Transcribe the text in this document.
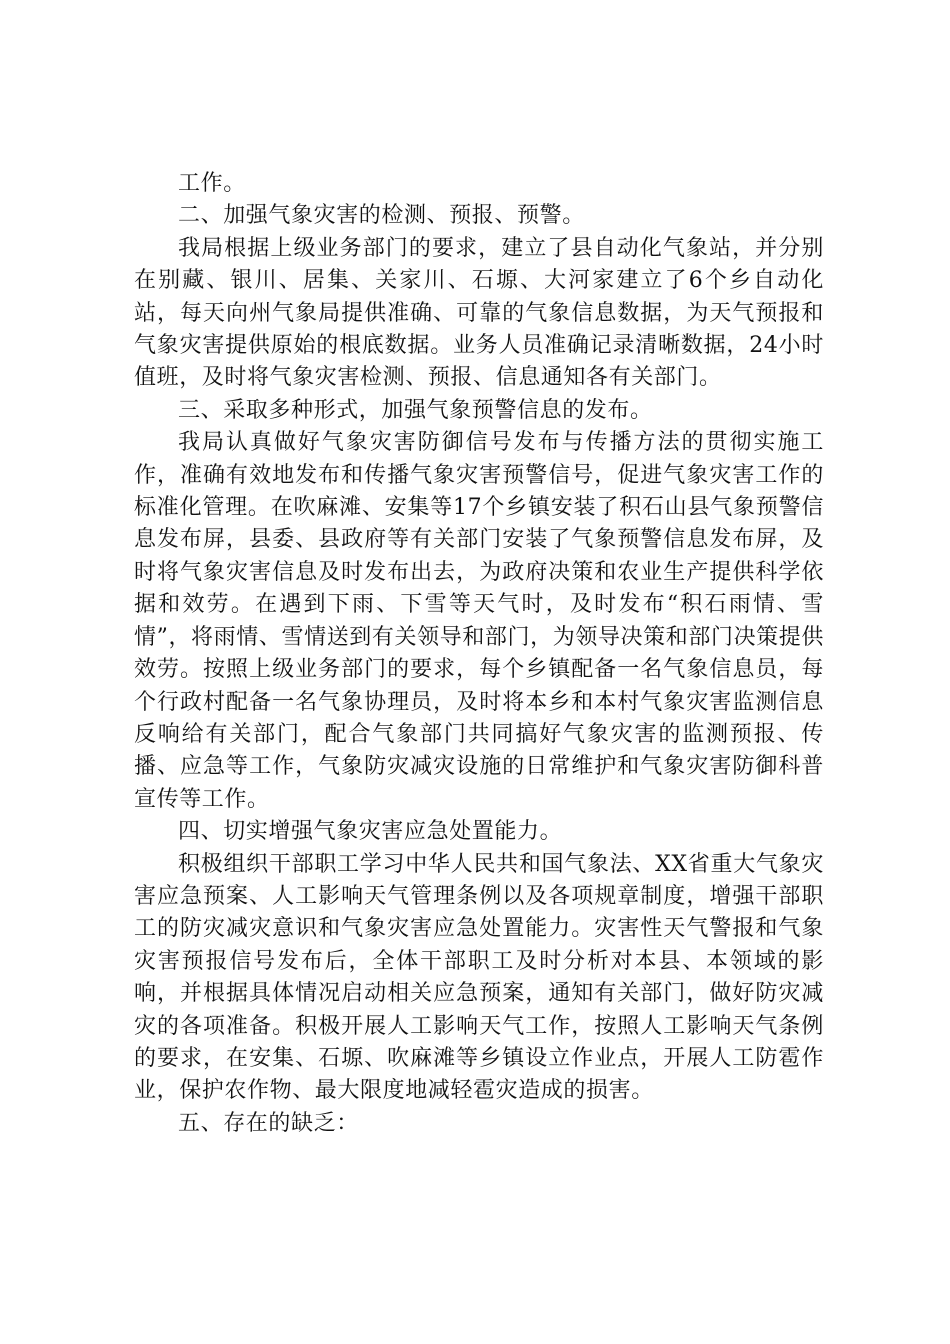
工作。

二、加强气象灾害的检测、预报、预警。

我局根据上级业务部门的要求，建立了县自动化气象站，并分别在别藏、银川、居集、关家川、石塬、大河家建立了6个乡自动化站，每天向州气象局提供准确、可靠的气象信息数据，为天气预报和气象灾害提供原始的根底数据。业务人员准确记录清晰数据，24小时值班，及时将气象灾害检测、预报、信息通知各有关部门。

三、采取多种形式，加强气象预警信息的发布。

我局认真做好气象灾害防御信号发布与传播方法的贯彻实施工作，准确有效地发布和传播气象灾害预警信号，促进气象灾害工作的标准化管理。在吹麻滩、安集等17个乡镇安装了积石山县气象预警信息发布屏，县委、县政府等有关部门安装了气象预警信息发布屏，及时将气象灾害信息及时发布出去，为政府决策和农业生产提供科学依据和效劳。在遇到下雨、下雪等天气时，及时发布“积石雨情、雪情”，将雨情、雪情送到有关领导和部门，为领导决策和部门决策提供效劳。按照上级业务部门的要求，每个乡镇配备一名气象信息员，每个行政村配备一名气象协理员，及时将本乡和本村气象灾害监测信息反响给有关部门，配合气象部门共同搞好气象灾害的监测预报、传播、应急等工作，气象防灾减灾设施的日常维护和气象灾害防御科普宣传等工作。

四、切实增强气象灾害应急处置能力。

积极组织干部职工学习中华人民共和国气象法、XX省重大气象灾害应急预案、人工影响天气管理条例以及各项规章制度，增强干部职工的防灾减灾意识和气象灾害应急处置能力。灾害性天气警报和气象灾害预报信号发布后，全体干部职工及时分析对本县、本领域的影响，并根据具体情况启动相关应急预案，通知有关部门，做好防灾减灾的各项准备。积极开展人工影响天气工作，按照人工影响天气条例的要求，在安集、石塬、吹麻滩等乡镇设立作业点，开展人工防雹作业，保护农作物、最大限度地减轻雹灾造成的损害。

五、存在的缺乏：
